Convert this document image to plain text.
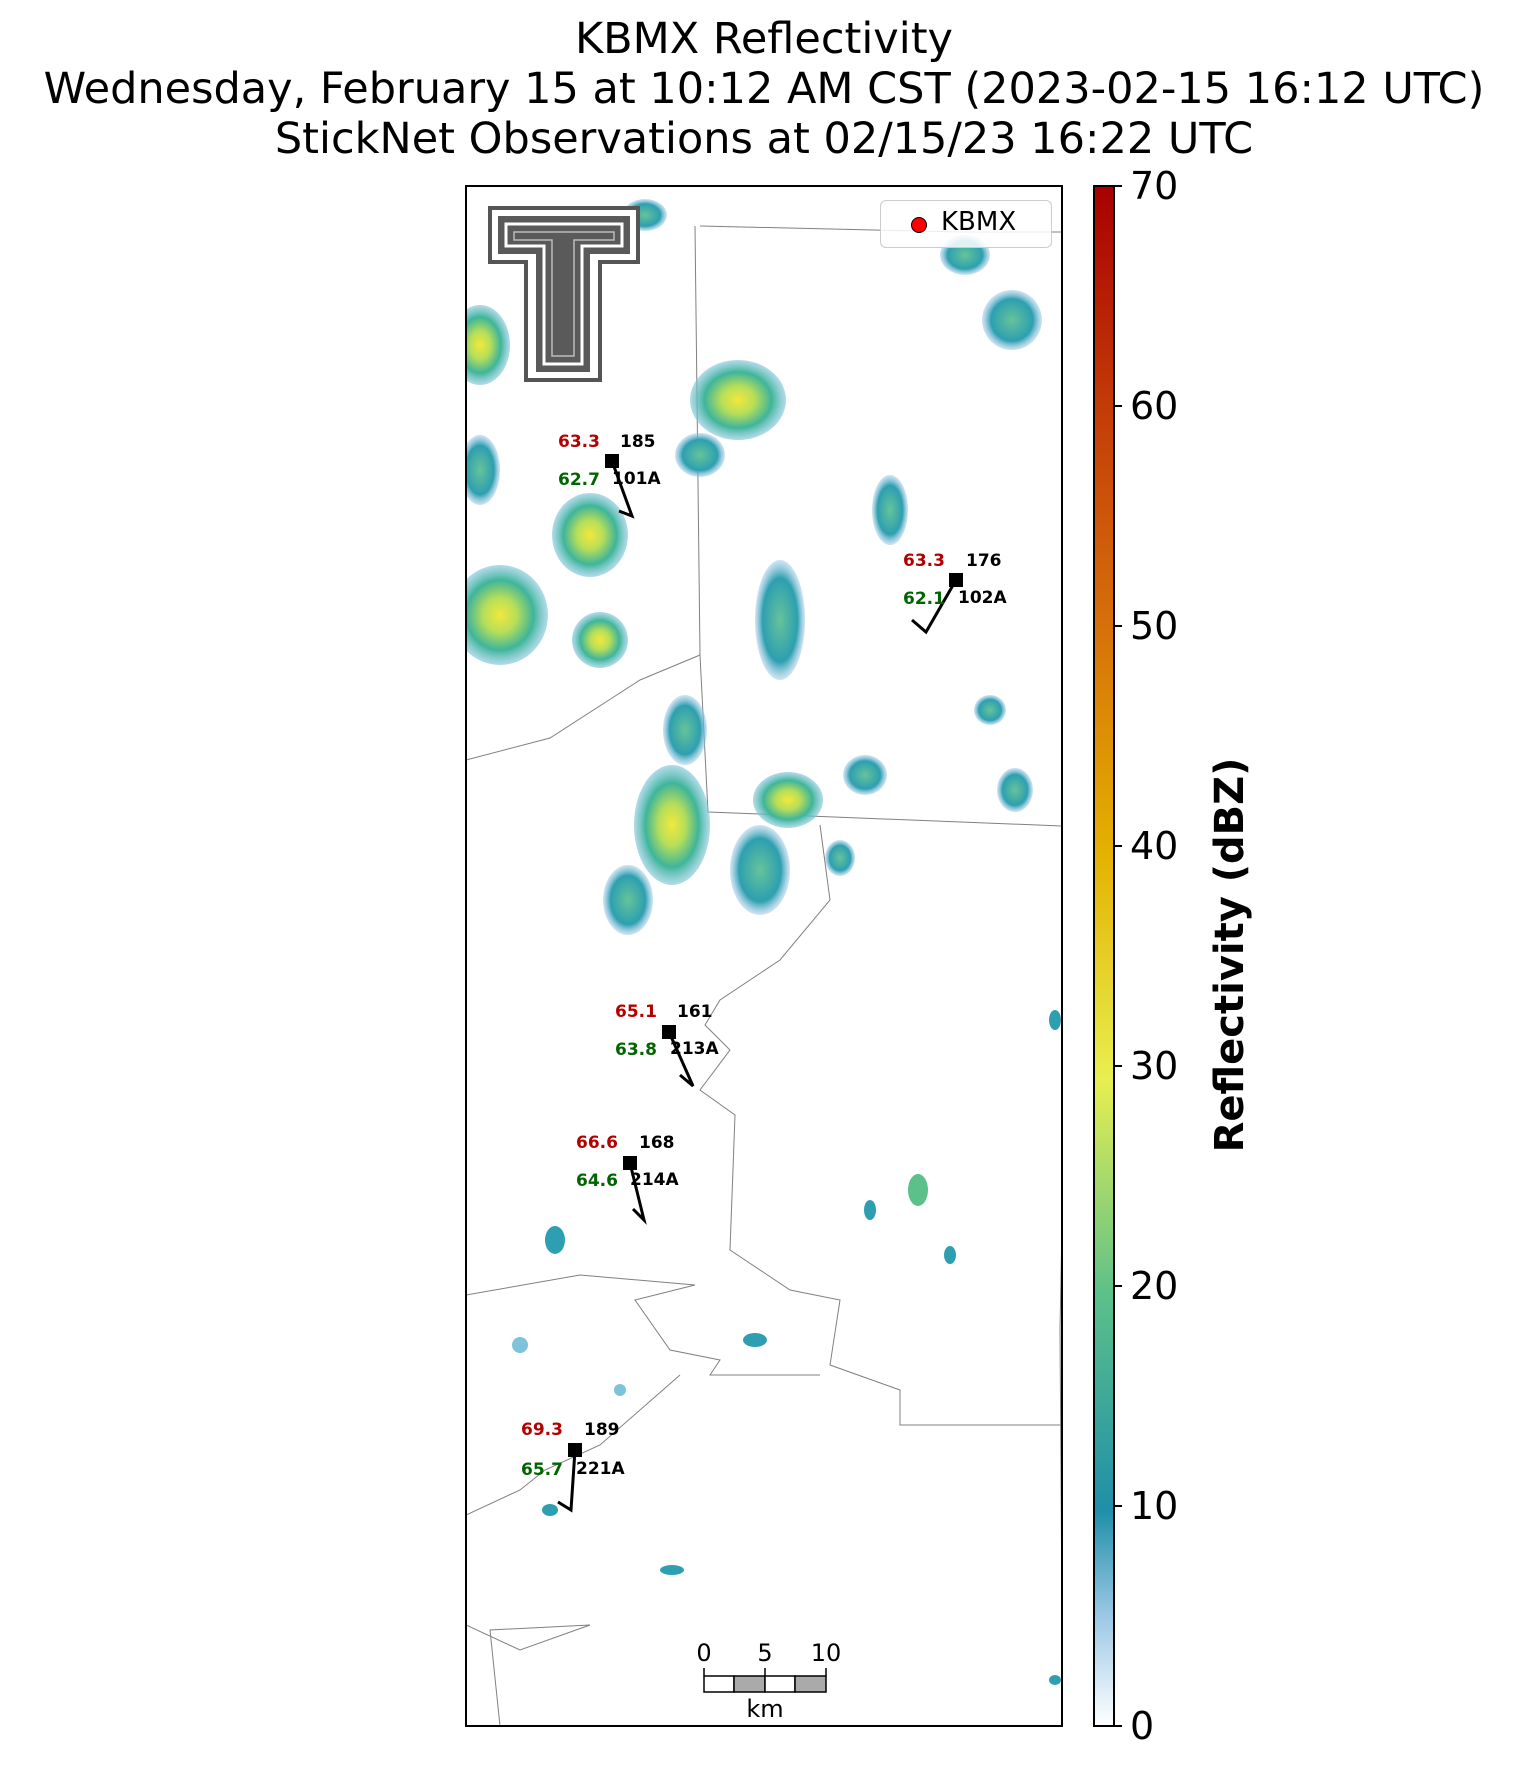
KBMX Reflectivity
Wednesday, February 15 at 10:12 AM CST (2023-02-15 16:12 UTC)
StickNet Observations at 02/15/23 16:22 UTC
0
10
20
30
40
50
60
70
Reflectivity (dBZ)
KBMX
63.3 185
62.7 101A
63.3 176
62.1 102A
65.1 161
63.8 213A
66.6 168
64.6 214A
69.3 189
65.7 221A
0 5 10
km
